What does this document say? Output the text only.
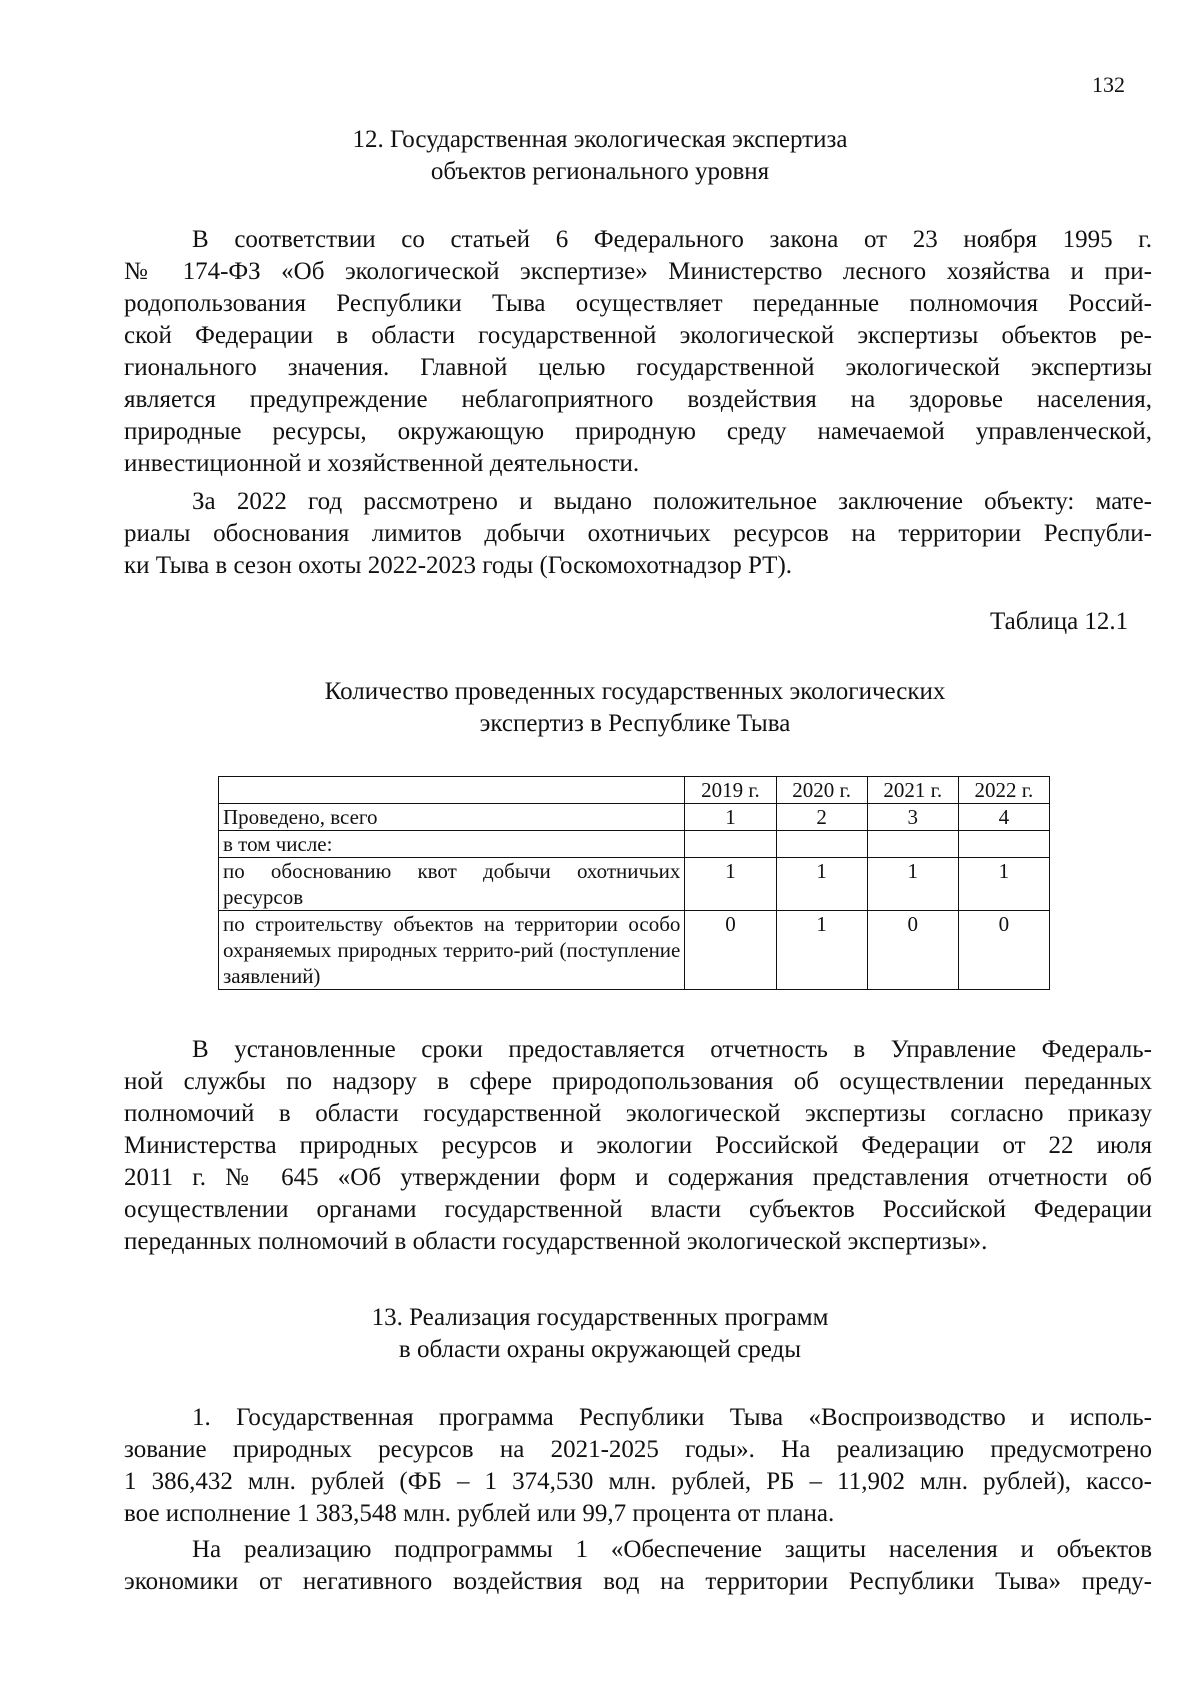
132
12. Государственная экологическая экспертиза
объектов регионального уровня
В соответствии со статьей 6 Федерального закона от 23 ноября 1995 г.
№ 174-ФЗ «Об экологической экспертизе» Министерство лесного хозяйства и при-
родопользования Республики Тыва осуществляет переданные полномочия Россий-
ской Федерации в области государственной экологической экспертизы объектов ре-
гионального значения. Главной целью государственной экологической экспертизы
является предупреждение неблагоприятного воздействия на здоровье населения,
природные ресурсы, окружающую природную среду намечаемой управленческой,
инвестиционной и хозяйственной деятельности.
За 2022 год рассмотрено и выдано положительное заключение объекту: мате-
риалы обоснования лимитов добычи охотничьих ресурсов на территории Республи-
ки Тыва в сезон охоты 2022-2023 годы (Госкомохотнадзор РТ).
Таблица 12.1
Количество проведенных государственных экологических
экспертиз в Республике Тыва
	2019 г.	2020 г.	2021 г.	2022 г.
Проведено, всего	1	2	3	4
в том числе:				
по обоснованию квот добычи охотничьих ресурсов	1	1	1	1
по строительству объектов на территории особо охраняемых природных террито-рий (поступление заявлений)	0	1	0	0
В установленные сроки предоставляется отчетность в Управление Федераль-
ной службы по надзору в сфере природопользования об осуществлении переданных
полномочий в области государственной экологической экспертизы согласно приказу
Министерства природных ресурсов и экологии Российской Федерации от 22 июля
2011 г. № 645 «Об утверждении форм и содержания представления отчетности об
осуществлении органами государственной власти субъектов Российской Федерации
переданных полномочий в области государственной экологической экспертизы».
13. Реализация государственных программ
в области охраны окружающей среды
1. Государственная программа Республики Тыва «Воспроизводство и исполь-
зование природных ресурсов на 2021-2025 годы». На реализацию предусмотрено
1 386,432 млн. рублей (ФБ – 1 374,530 млн. рублей, РБ – 11,902 млн. рублей), кассо-
вое исполнение 1 383,548 млн. рублей или 99,7 процента от плана.
На реализацию подпрограммы 1 «Обеспечение защиты населения и объектов
экономики от негативного воздействия вод на территории Республики Тыва» преду-
